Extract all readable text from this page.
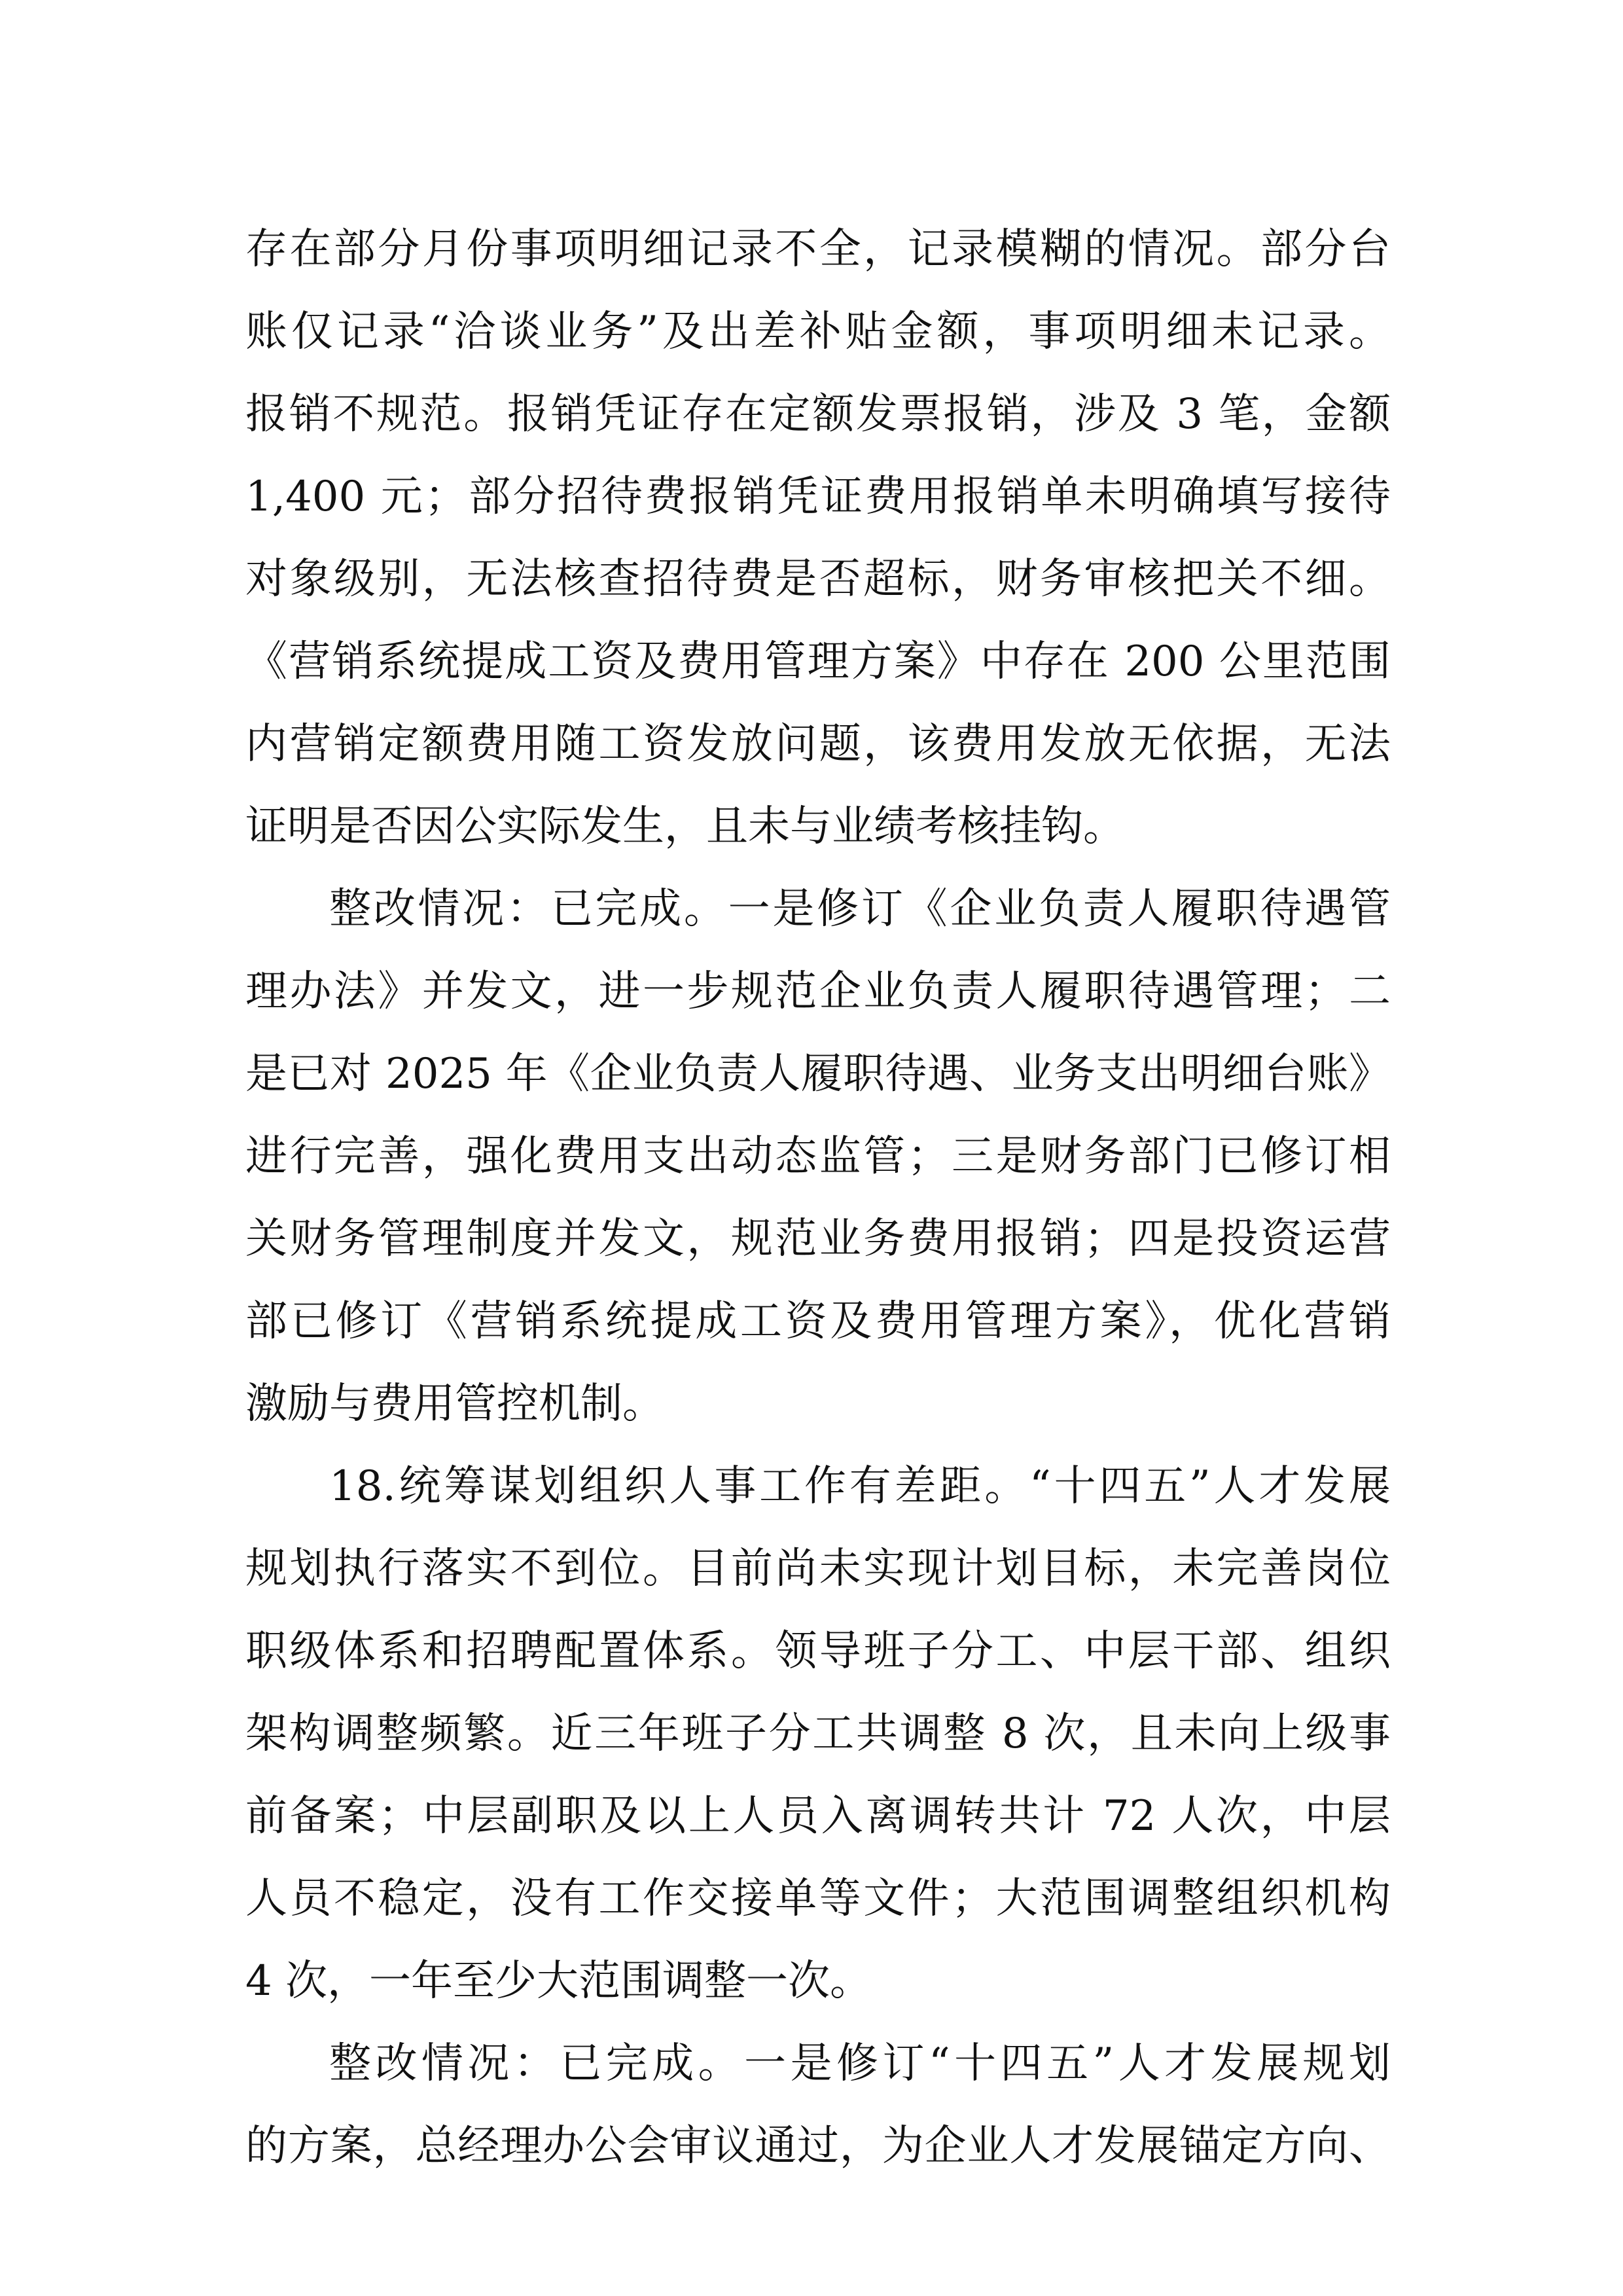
存在部分月份事项明细记录不全，记录模糊的情况。部分台
账仅记录“洽谈业务”及出差补贴金额，事项明细未记录。
报销不规范。报销凭证存在定额发票报销，涉及 3 笔，金额
1,400 元；部分招待费报销凭证费用报销单未明确填写接待
对象级别，无法核查招待费是否超标，财务审核把关不细。
《营销系统提成工资及费用管理方案》中存在 200 公里范围
内营销定额费用随工资发放问题，该费用发放无依据，无法
证明是否因公实际发生，且未与业绩考核挂钩。
整改情况：已完成。一是修订《企业负责人履职待遇管
理办法》并发文，进一步规范企业负责人履职待遇管理；二
是已对 2025 年《企业负责人履职待遇、业务支出明细台账》
进行完善，强化费用支出动态监管；三是财务部门已修订相
关财务管理制度并发文，规范业务费用报销；四是投资运营
部已修订《营销系统提成工资及费用管理方案》，优化营销
激励与费用管控机制。
18.统筹谋划组织人事工作有差距。“十四五”人才发展
规划执行落实不到位。目前尚未实现计划目标，未完善岗位
职级体系和招聘配置体系。领导班子分工、中层干部、组织
架构调整频繁。近三年班子分工共调整 8 次，且未向上级事
前备案；中层副职及以上人员入离调转共计 72 人次，中层
人员不稳定，没有工作交接单等文件；大范围调整组织机构
4 次，一年至少大范围调整一次。
整改情况：已完成。一是修订“十四五”人才发展规划
的方案，总经理办公会审议通过，为企业人才发展锚定方向、
